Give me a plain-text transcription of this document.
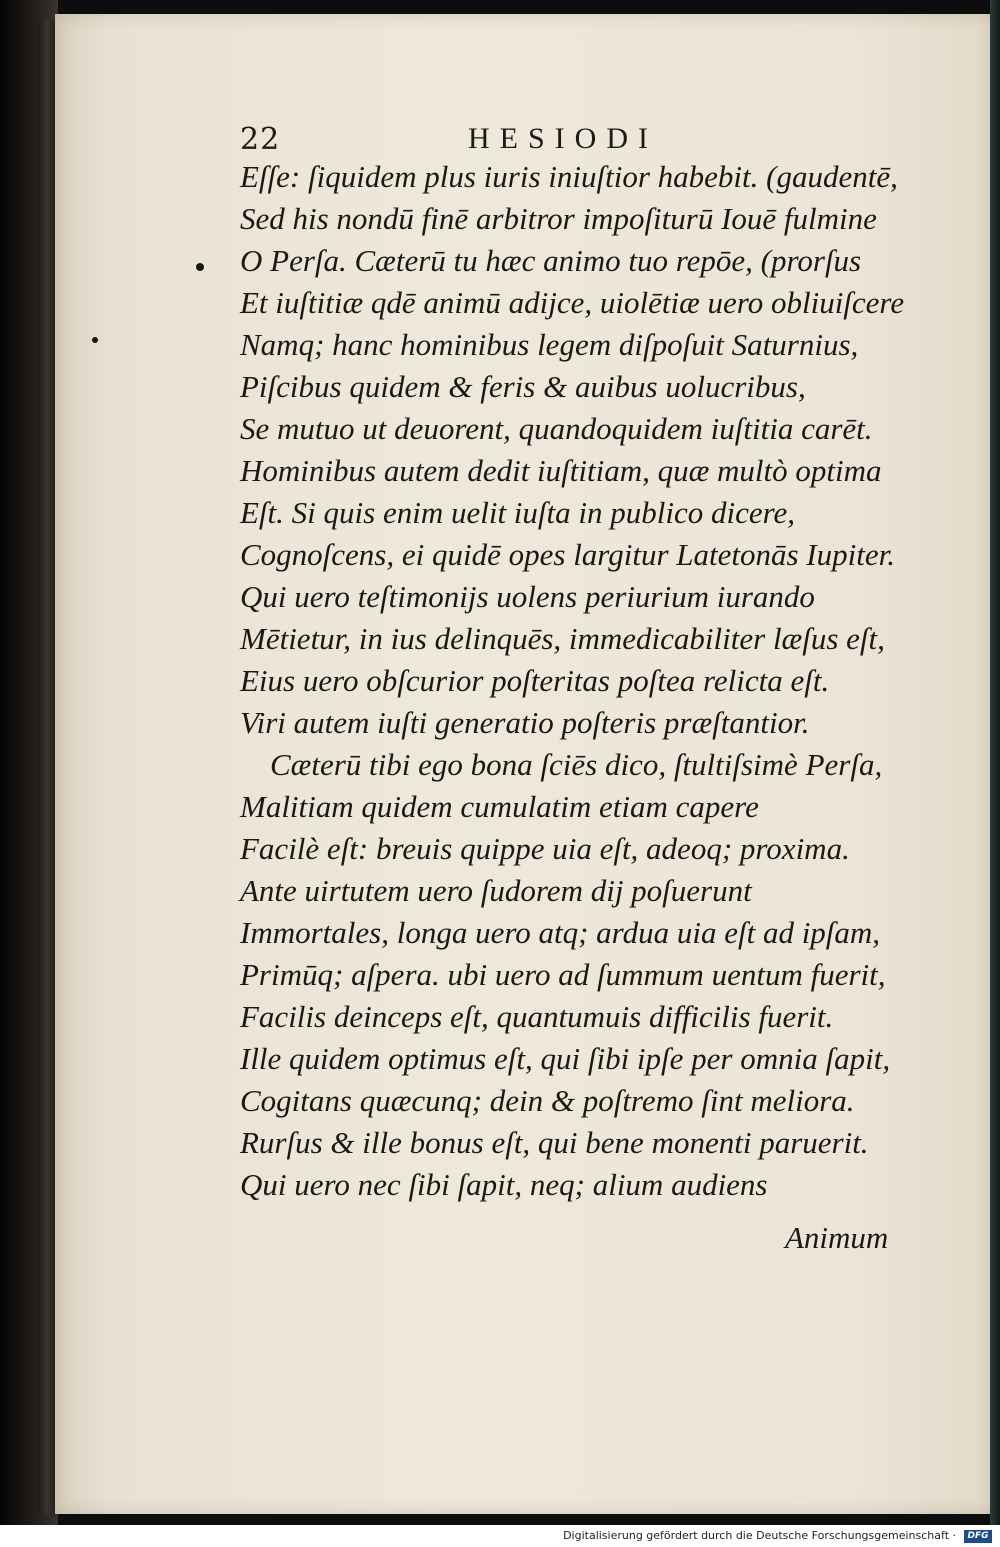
22	HESIODI
Eſſe: ſiquidem plus iuris iniuſtior habebit. (gaudentē,
Sed his nondū finē arbitror impoſiturū Iouē fulmine
O Perſa. Cæterū tu hæc animo tuo repōe, (prorſus
Et iuſtitiæ qdē animū adijce, uiolētiæ uero obliuiſcere
Namq; hanc hominibus legem diſpoſuit Saturnius,
Piſcibus quidem & feris & auibus uolucribus,
Se mutuo ut deuorent, quandoquidem iuſtitia carēt.
Hominibus autem dedit iuſtitiam, quæ multò optima
Eſt. Si quis enim uelit iuſta in publico dicere,
Cognoſcens, ei quidē opes largitur Latetonās Iupiter.
Qui uero teſtimonijs uolens periurium iurando
Mētietur, in ius delinquēs, immedicabiliter læſus eſt,
Eius uero obſcurior poſteritas poſtea relicta eſt.
Viri autem iuſti generatio poſteris præſtantior.
Cæterū tibi ego bona ſciēs dico, ſtultiſsimè Perſa,
Malitiam quidem cumulatim etiam capere
Facilè eſt: breuis quippe uia eſt, adeoq; proxima.
Ante uirtutem uero ſudorem dij poſuerunt
Immortales, longa uero atq; ardua uia eſt ad ipſam,
Primūq; aſpera. ubi uero ad ſummum uentum fuerit,
Facilis deinceps eſt, quantumuis difficilis fuerit.
Ille quidem optimus eſt, qui ſibi ipſe per omnia ſapit,
Cogitans quæcunq; dein & poſtremo ſint meliora.
Rurſus & ille bonus eſt, qui bene monenti paruerit.
Qui uero nec ſibi ſapit, neq; alium audiens
Animum
Digitalisierung gefördert durch die Deutsche Forschungsgemeinschaft ·	DFG
